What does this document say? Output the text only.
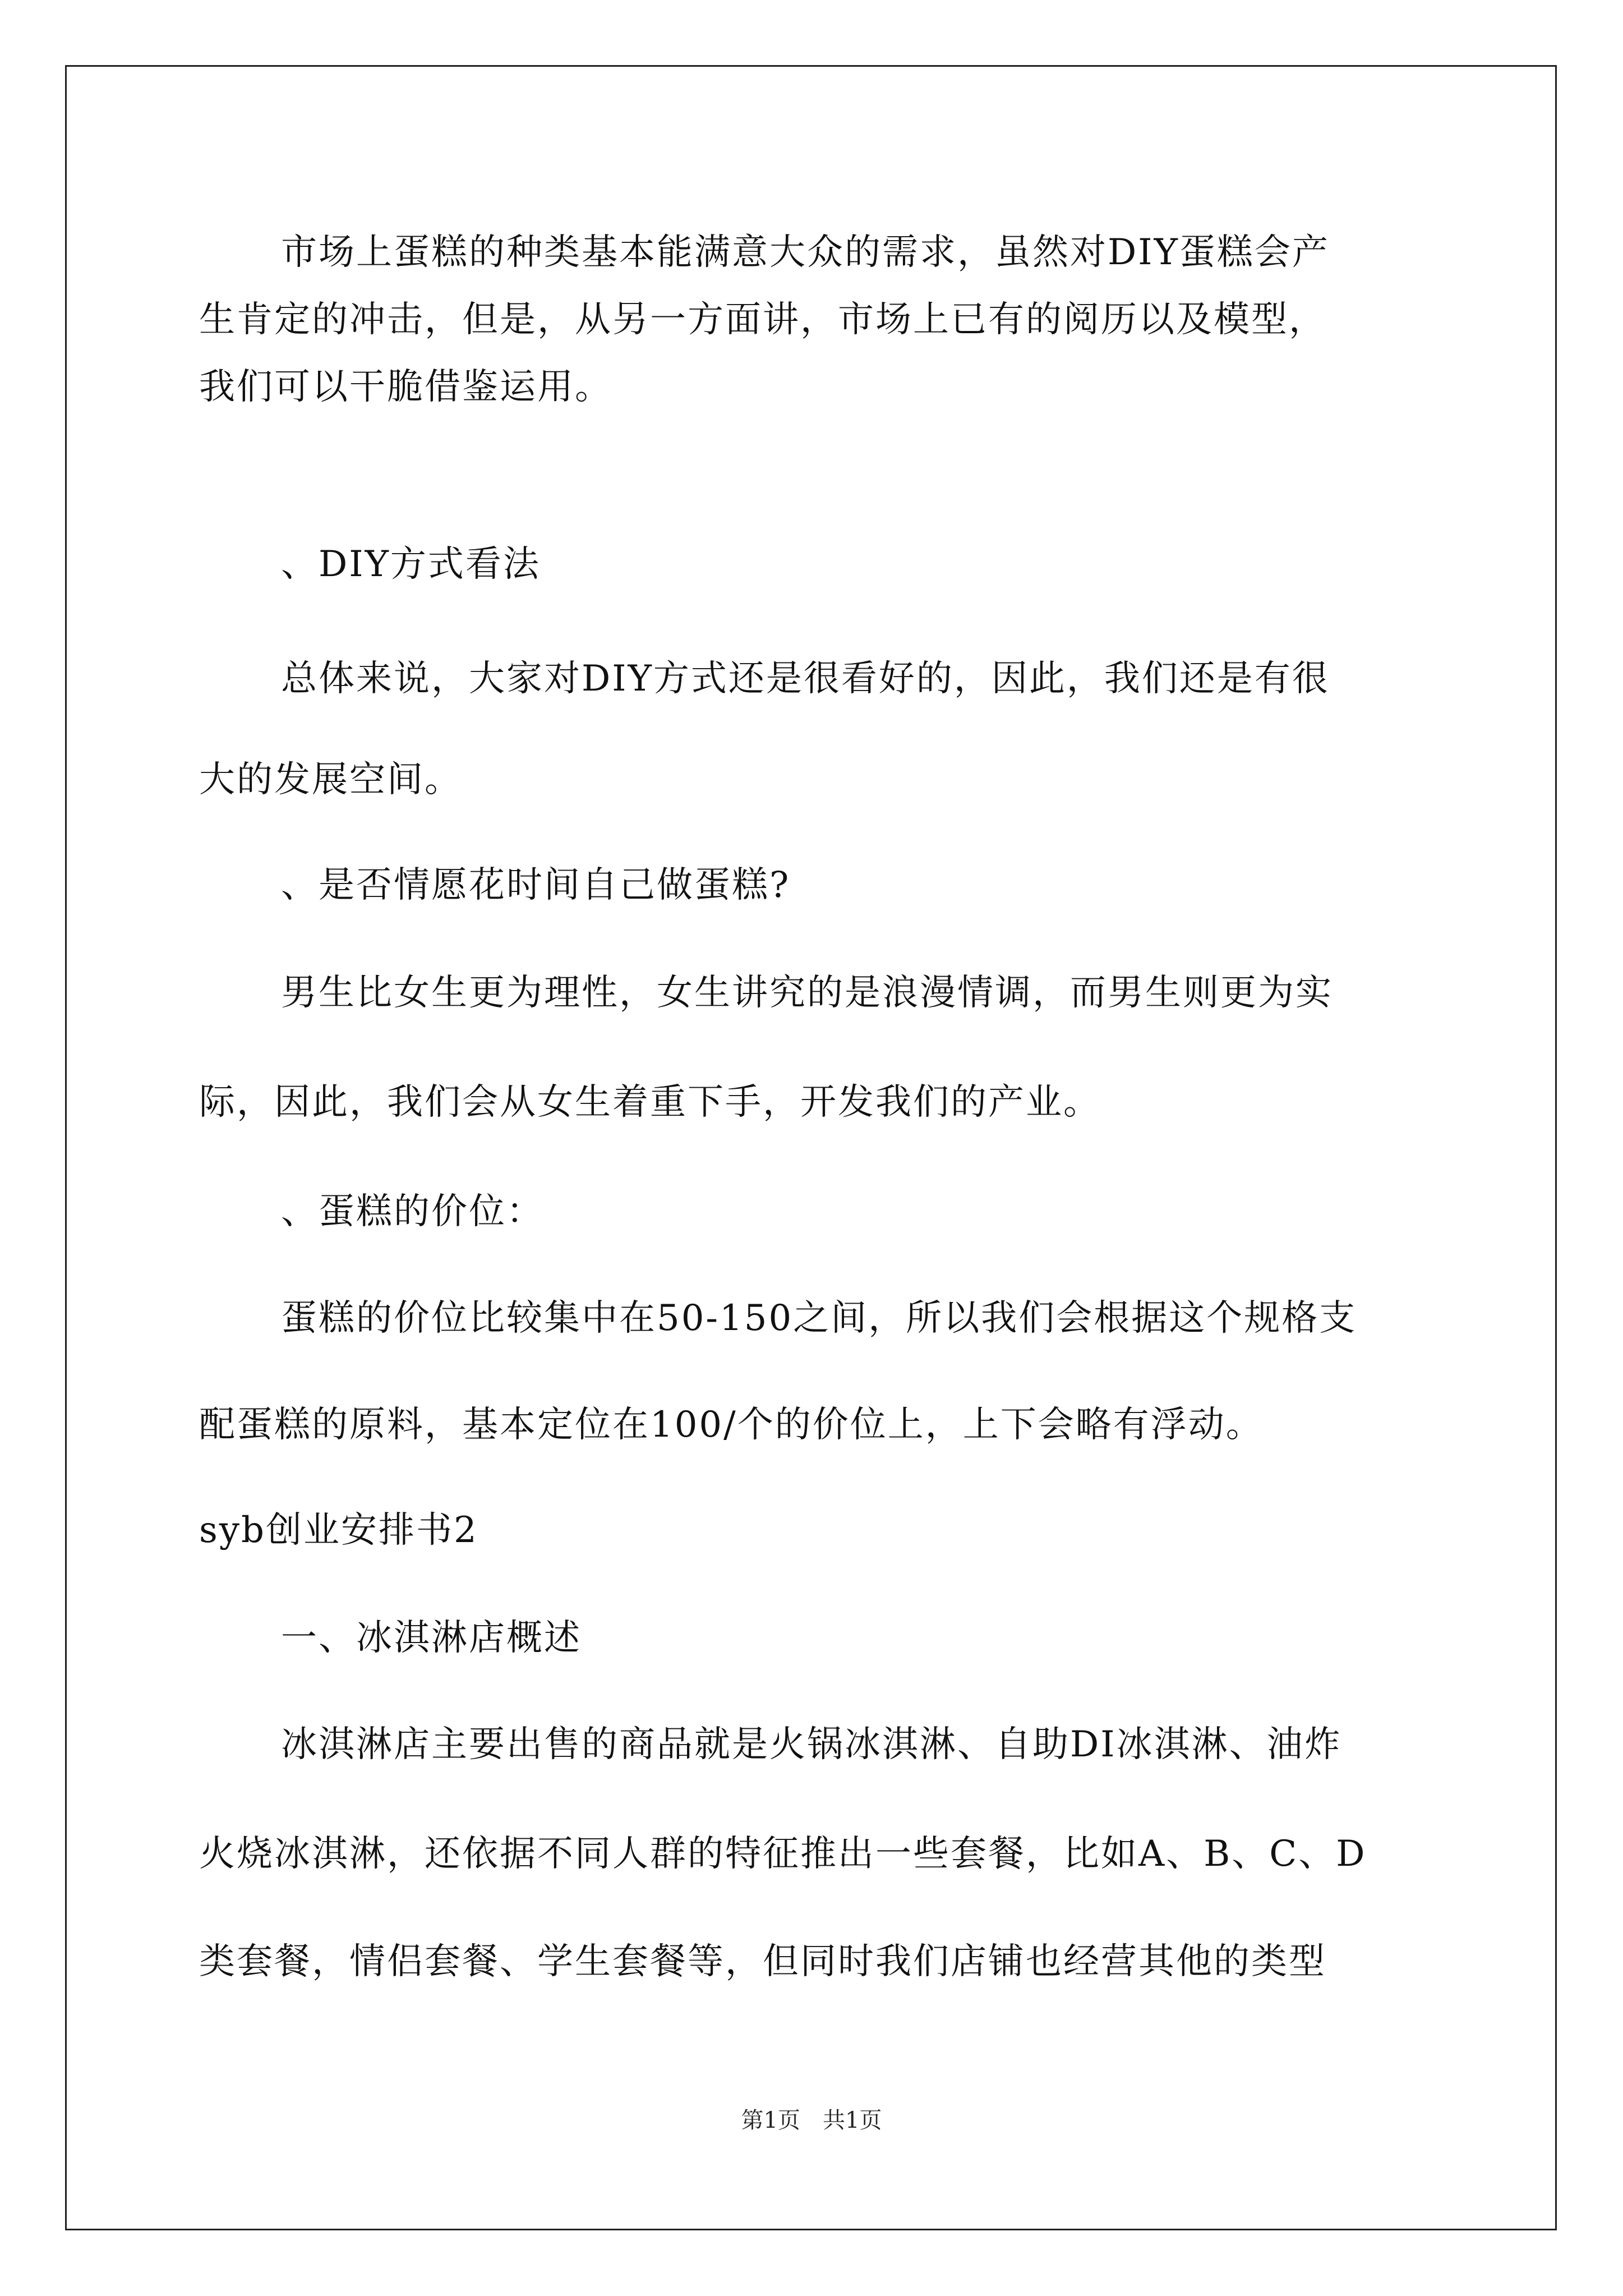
市场上蛋糕的种类基本能满意大众的需求，虽然对DIY蛋糕会产
生肯定的冲击，但是，从另一方面讲，市场上已有的阅历以及模型，
我们可以干脆借鉴运用。
、DIY方式看法
总体来说，大家对DIY方式还是很看好的，因此，我们还是有很
大的发展空间。
、是否情愿花时间自己做蛋糕?
男生比女生更为理性，女生讲究的是浪漫情调，而男生则更为实
际，因此，我们会从女生着重下手，开发我们的产业。
、蛋糕的价位：
蛋糕的价位比较集中在50-150之间，所以我们会根据这个规格支
配蛋糕的原料，基本定位在100/个的价位上，上下会略有浮动。
syb创业安排书2
一、冰淇淋店概述
冰淇淋店主要出售的商品就是火锅冰淇淋、自助DI冰淇淋、油炸
火烧冰淇淋，还依据不同人群的特征推出一些套餐，比如A、B、C、D
类套餐，情侣套餐、学生套餐等，但同时我们店铺也经营其他的类型
第1页　共1页
